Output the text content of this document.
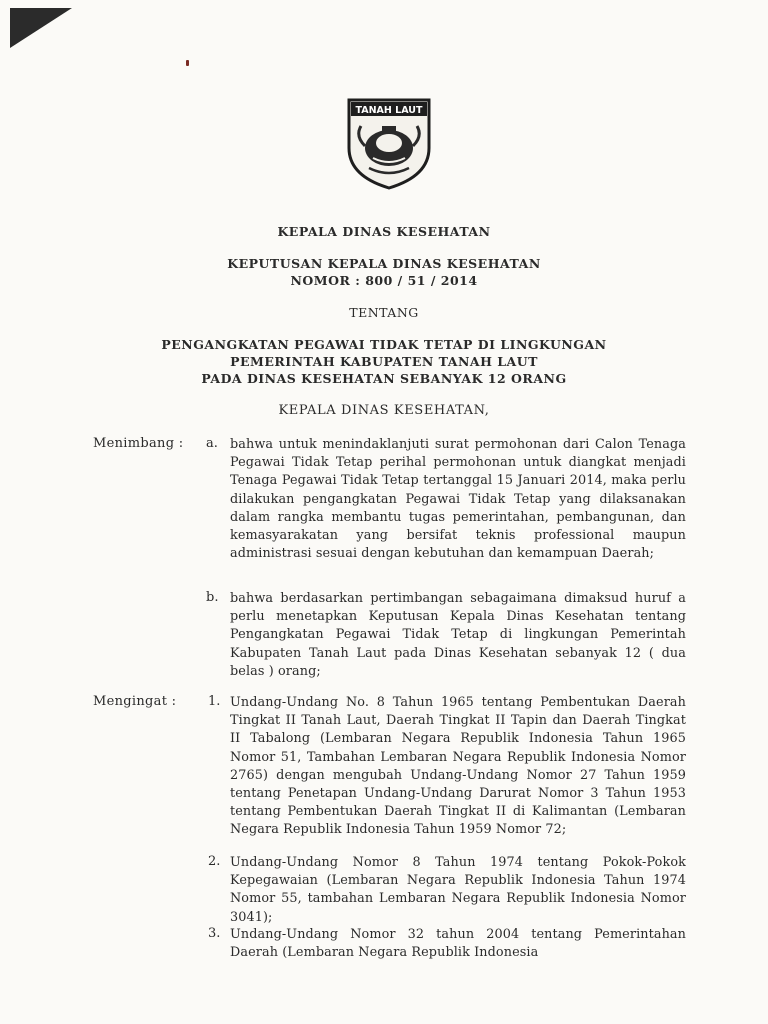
TANAH LAUT
KEPALA DINAS KESEHATAN
KEPUTUSAN KEPALA DINAS KESEHATAN
NOMOR : 800 / 51 / 2014
TENTANG
PENGANGKATAN PEGAWAI TIDAK TETAP DI LINGKUNGAN
PEMERINTAH KABUPATEN TANAH LAUT
PADA DINAS KESEHATAN SEBANYAK 12 ORANG
KEPALA DINAS KESEHATAN,
Menimbang : a. bahwa untuk menindaklanjuti surat permohonan dari Calon Tenaga Pegawai Tidak Tetap perihal permohonan untuk diangkat menjadi Tenaga Pegawai Tidak Tetap tertanggal 15 Januari 2014, maka perlu dilakukan pengangkatan Pegawai Tidak Tetap yang dilaksanakan dalam rangka membantu tugas pemerintahan, pembangunan, dan kemasyarakatan yang bersifat teknis professional maupun administrasi sesuai dengan kebutuhan dan kemampuan Daerah;
b. bahwa berdasarkan pertimbangan sebagaimana dimaksud huruf a perlu menetapkan Keputusan Kepala Dinas Kesehatan tentang Pengangkatan Pegawai Tidak Tetap di lingkungan Pemerintah Kabupaten Tanah Laut pada Dinas Kesehatan sebanyak 12 ( dua belas ) orang;
Mengingat : 1. Undang-Undang No. 8 Tahun 1965 tentang Pembentukan Daerah Tingkat II Tanah Laut, Daerah Tingkat II Tapin dan Daerah Tingkat II Tabalong (Lembaran Negara Republik Indonesia Tahun 1965 Nomor 51, Tambahan Lembaran Negara Republik Indonesia Nomor 2765) dengan mengubah Undang-Undang Nomor 27 Tahun 1959 tentang Penetapan Undang-Undang Darurat Nomor 3 Tahun 1953 tentang Pembentukan Daerah Tingkat II di Kalimantan (Lembaran Negara Republik Indonesia Tahun 1959 Nomor 72;
2. Undang-Undang Nomor 8 Tahun 1974 tentang Pokok-Pokok Kepegawaian (Lembaran Negara Republik Indonesia Tahun 1974 Nomor 55, tambahan Lembaran Negara Republik Indonesia Nomor 3041);
3. Undang-Undang Nomor 32 tahun 2004 tentang Pemerintahan Daerah (Lembaran Negara Republik Indonesia
